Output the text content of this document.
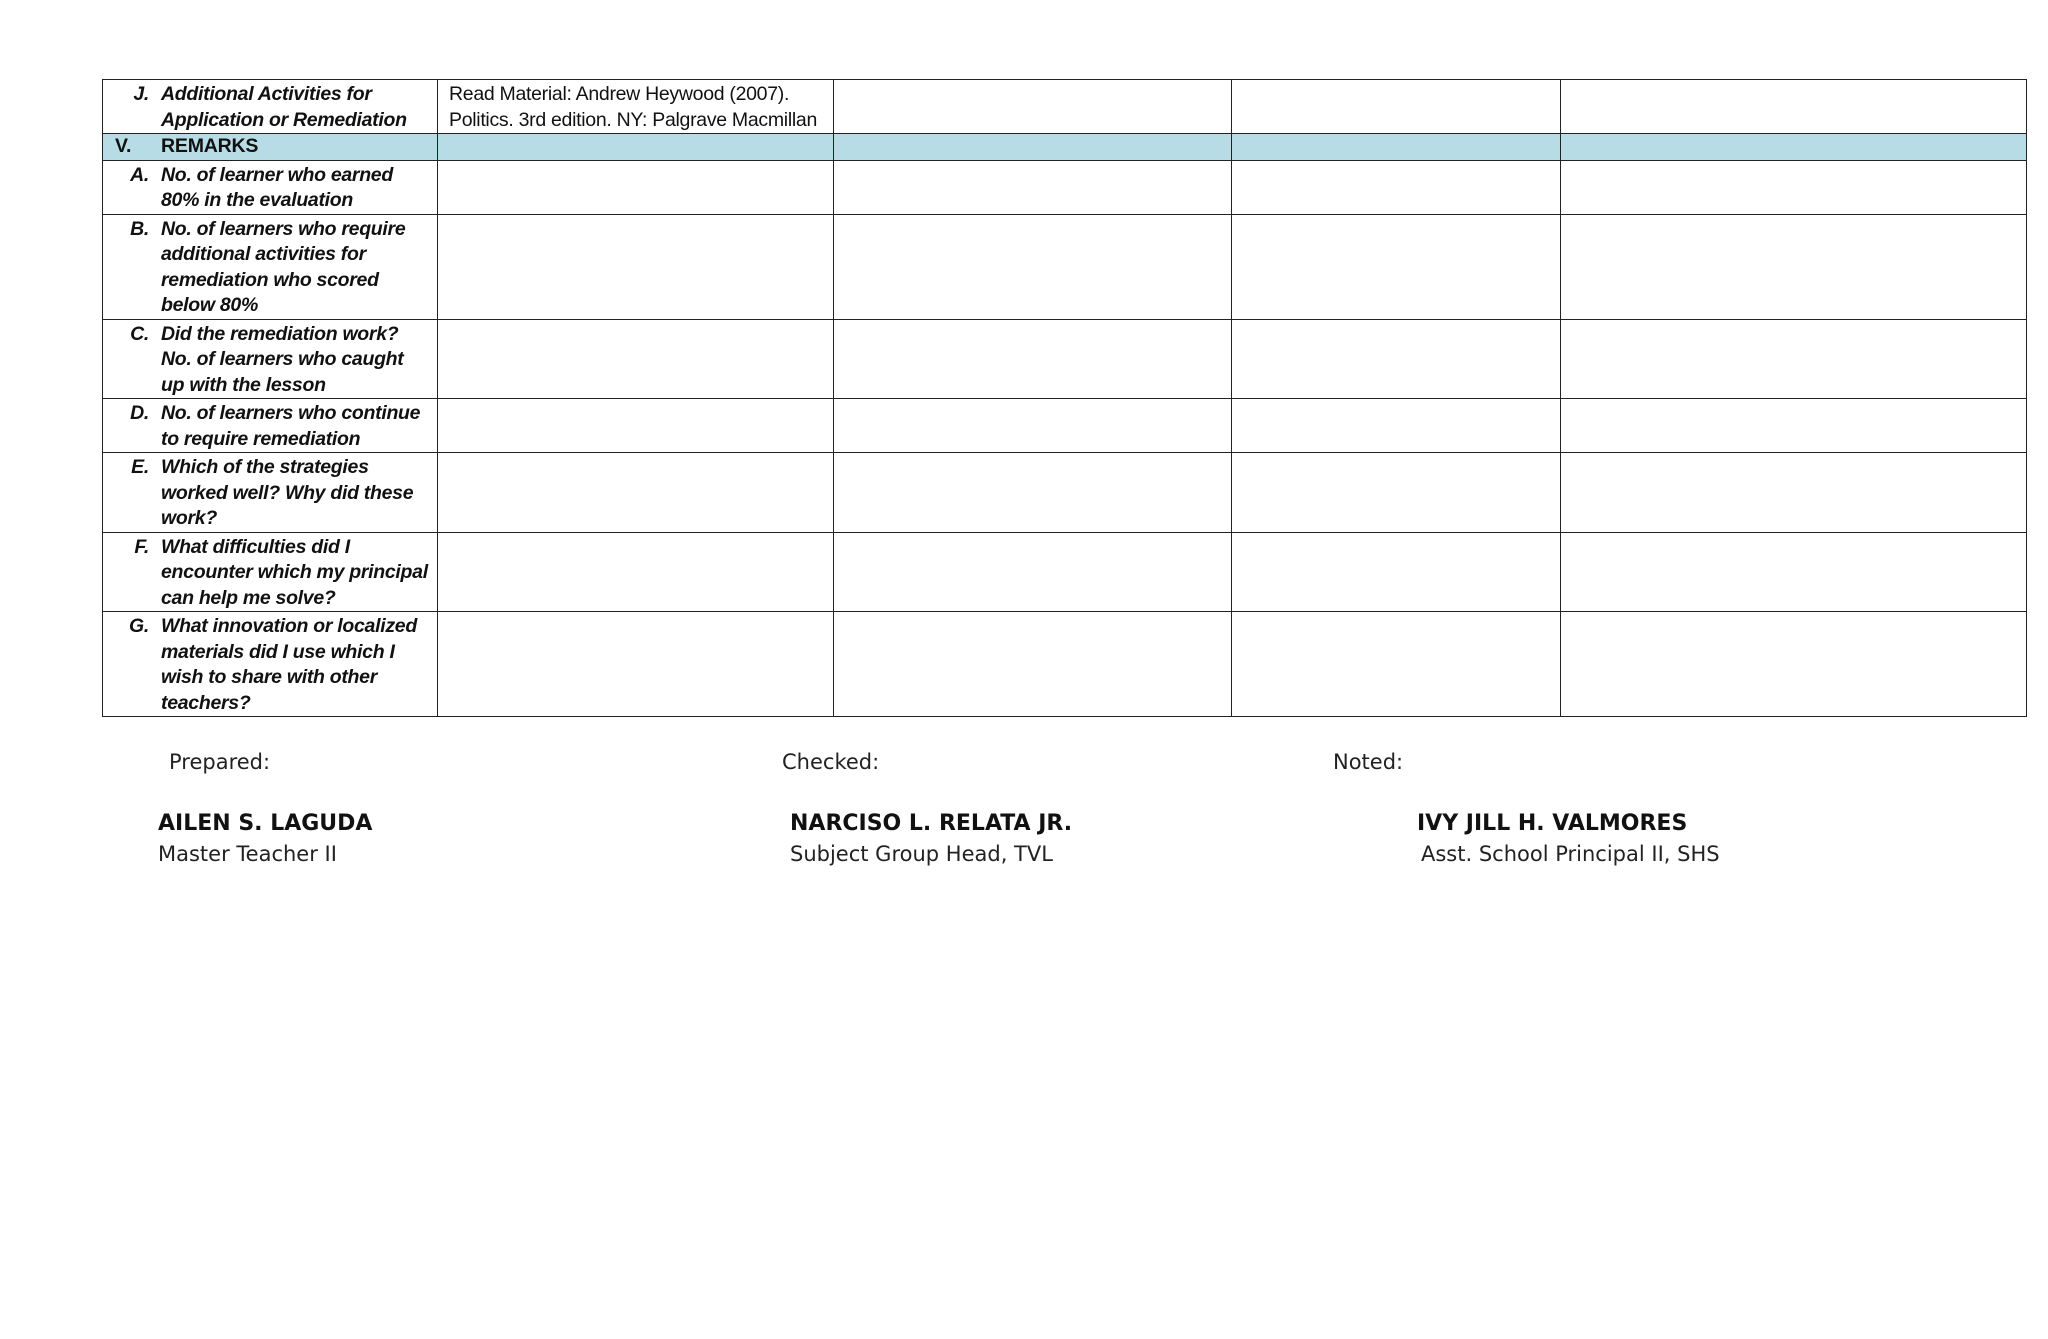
J. Additional Activities for Application or Remediation	Read Material: Andrew Heywood (2007). Politics. 3rd edition. NY: Palgrave Macmillan			

V. REMARKS				

A. No. of learner who earned 80% in the evaluation				

B. No. of learners who require additional activities for remediation who scored below 80%				

C. Did the remediation work? No. of learners who caught up with the lesson				

D. No. of learners who continue to require remediation				

E. Which of the strategies worked well? Why did these work?				

F. What difficulties did I encounter which my principal can help me solve?				

G. What innovation or localized materials did I use which I wish to share with other teachers?				

Prepared:	Checked:	Noted:
AILEN S. LAGUDA	NARCISO L. RELATA JR.	IVY JILL H. VALMORES
Master Teacher II	Subject Group Head, TVL	Asst. School Principal II, SHS
